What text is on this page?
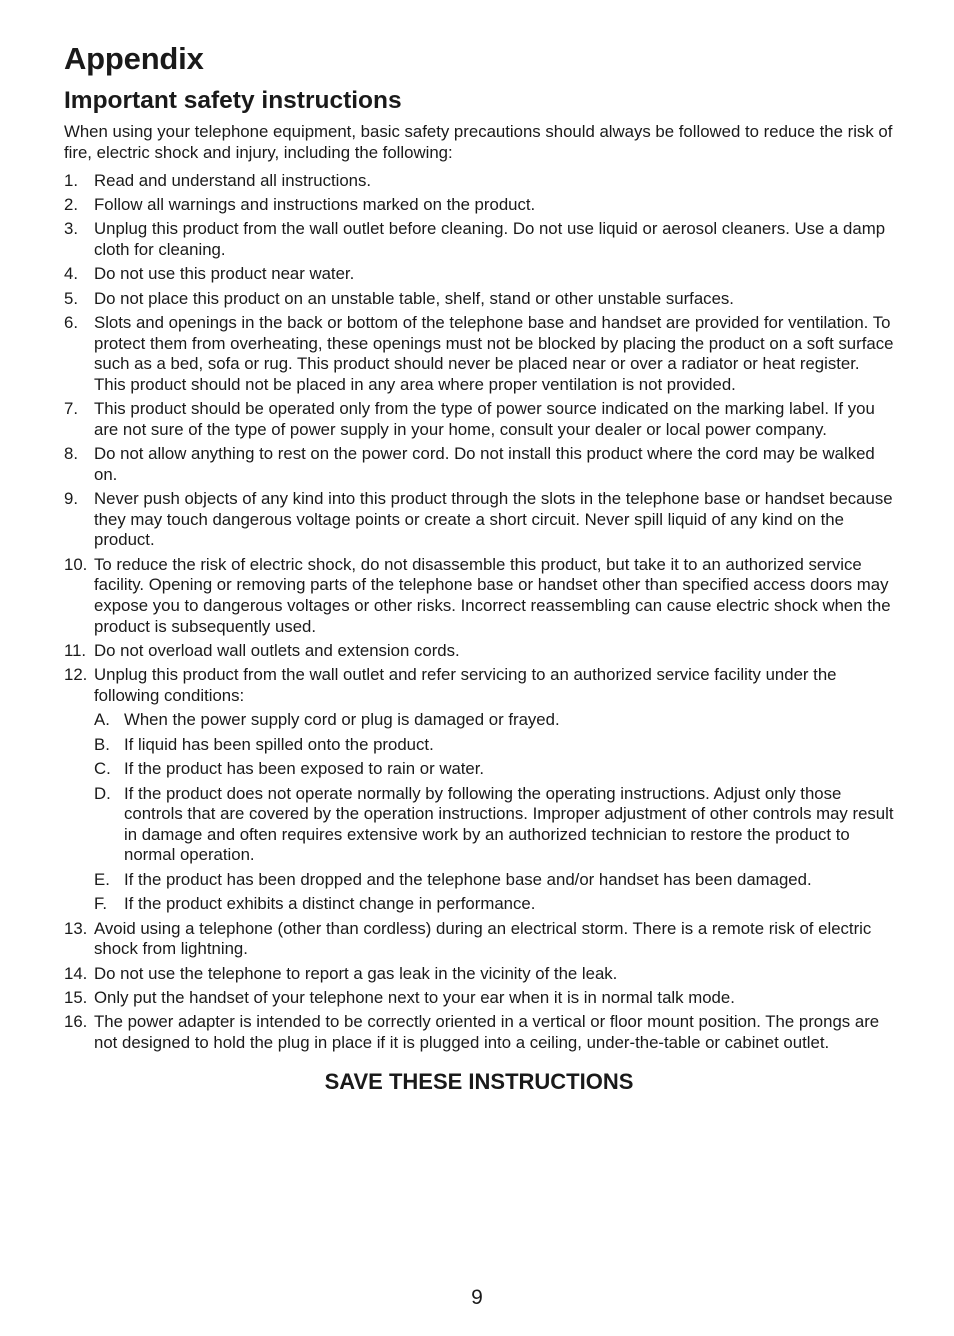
Appendix
Important safety instructions

When using your telephone equipment, basic safety precautions should always be followed to reduce the risk of fire, electric shock and injury, including the following:

1. Read and understand all instructions.
2. Follow all warnings and instructions marked on the product.
3. Unplug this product from the wall outlet before cleaning. Do not use liquid or aerosol cleaners. Use a damp cloth for cleaning.
4. Do not use this product near water.
5. Do not place this product on an unstable table, shelf, stand or other unstable surfaces.
6. Slots and openings in the back or bottom of the telephone base and handset are provided for ventilation. To protect them from overheating, these openings must not be blocked by placing the product on a soft surface such as a bed, sofa or rug. This product should never be placed near or over a radiator or heat register. This product should not be placed in any area where proper ventilation is not provided.
7. This product should be operated only from the type of power source indicated on the marking label. If you are not sure of the type of power supply in your home, consult your dealer or local power company.
8. Do not allow anything to rest on the power cord. Do not install this product where the cord may be walked on.
9. Never push objects of any kind into this product through the slots in the telephone base or handset because they may touch dangerous voltage points or create a short circuit. Never spill liquid of any kind on the product.
10. To reduce the risk of electric shock, do not disassemble this product, but take it to an authorized service facility. Opening or removing parts of the telephone base or handset other than specified access doors may expose you to dangerous voltages or other risks. Incorrect reassembling can cause electric shock when the product is subsequently used.
11. Do not overload wall outlets and extension cords.
12. Unplug this product from the wall outlet and refer servicing to an authorized service facility under the following conditions:
A. When the power supply cord or plug is damaged or frayed.
B. If liquid has been spilled onto the product.
C. If the product has been exposed to rain or water.
D. If the product does not operate normally by following the operating instructions. Adjust only those controls that are covered by the operation instructions. Improper adjustment of other controls may result in damage and often requires extensive work by an authorized technician to restore the product to normal operation.
E. If the product has been dropped and the telephone base and/or handset has been damaged.
F. If the product exhibits a distinct change in performance.
13. Avoid using a telephone (other than cordless) during an electrical storm. There is a remote risk of electric shock from lightning.
14. Do not use the telephone to report a gas leak in the vicinity of the leak.
15. Only put the handset of your telephone next to your ear when it is in normal talk mode.
16. The power adapter is intended to be correctly oriented in a vertical or floor mount position. The prongs are not designed to hold the plug in place if it is plugged into a ceiling, under-the-table or cabinet outlet.
SAVE THESE INSTRUCTIONS
9
